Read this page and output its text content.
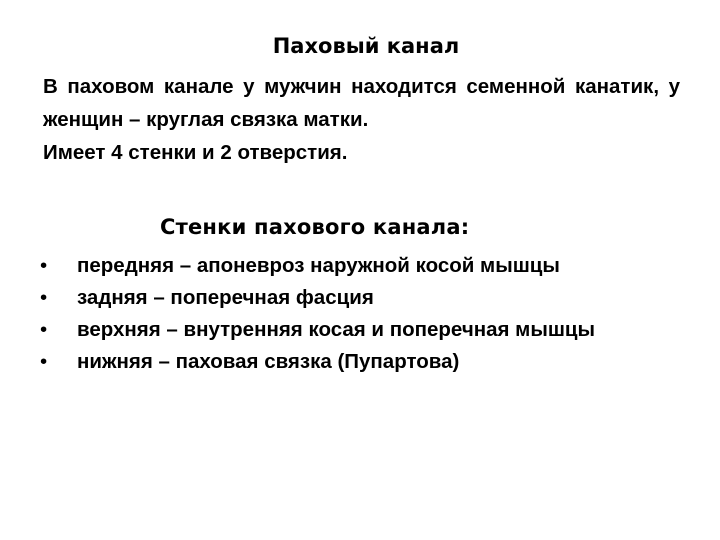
Паховый канал

В паховом канале у мужчин находится семенной канатик, у женщин – круглая связка матки.

Имеет 4 стенки и 2 отверстия.

Стенки пахового канала:
•	передняя – апоневроз наружной косой мышцы
•	задняя – поперечная фасция
•	верхняя – внутренняя косая и поперечная мышцы
•	нижняя – паховая связка (Пупартова)
